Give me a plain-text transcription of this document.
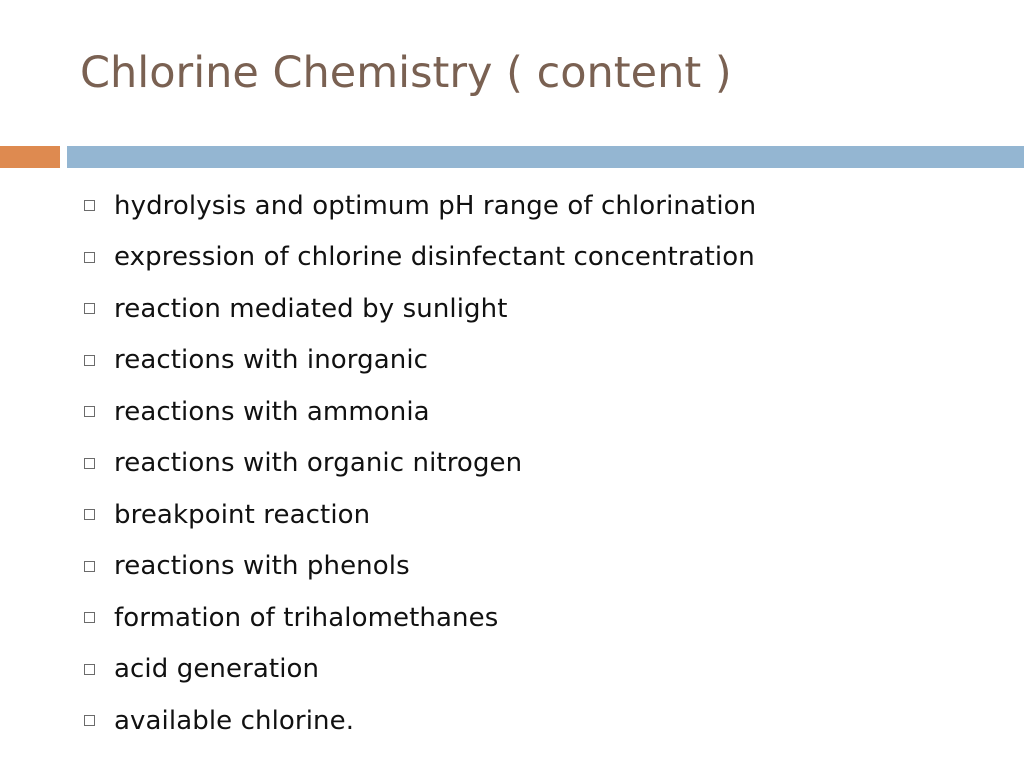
Chlorine Chemistry ( content )
hydrolysis and optimum pH range of chlorination
expression of chlorine disinfectant concentration
reaction mediated by sunlight
reactions with inorganic
reactions with ammonia
reactions with organic nitrogen
breakpoint reaction
reactions with phenols
formation of trihalomethanes
acid generation
available chlorine.
